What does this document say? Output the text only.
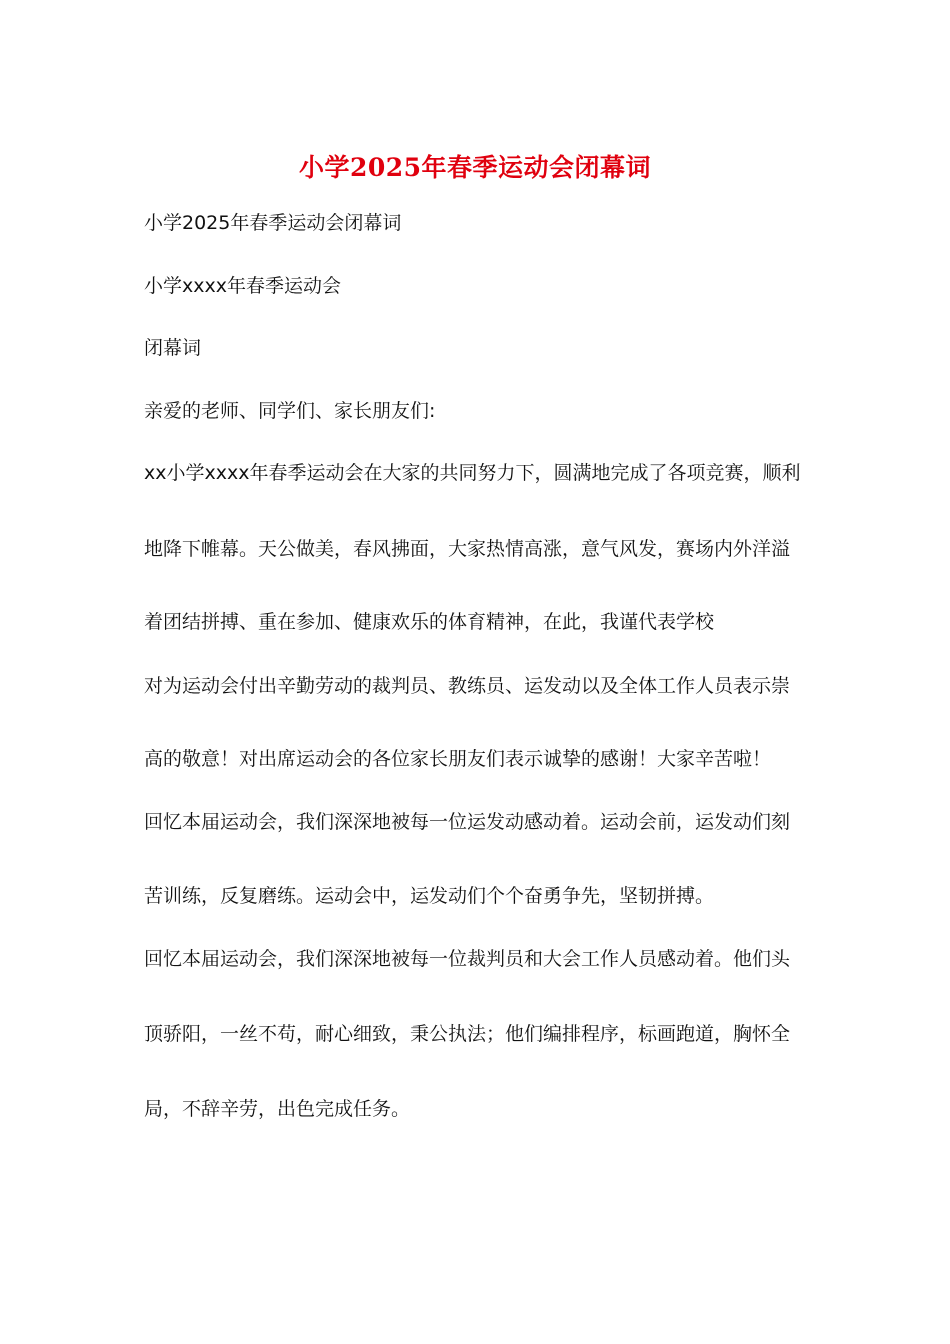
小学2025年春季运动会闭幕词
小学2025年春季运动会闭幕词
小学xxxx年春季运动会
闭幕词
亲爱的老师、同学们、家长朋友们:
xx小学xxxx年春季运动会在大家的共同努力下，圆满地完成了各项竞赛，顺利
地降下帷幕。天公做美，春风拂面，大家热情高涨，意气风发，赛场内外洋溢
着团结拼搏、重在参加、健康欢乐的体育精神，在此，我谨代表学校
对为运动会付出辛勤劳动的裁判员、教练员、运发动以及全体工作人员表示崇
高的敬意！对出席运动会的各位家长朋友们表示诚挚的感谢！大家辛苦啦！
回忆本届运动会，我们深深地被每一位运发动感动着。运动会前，运发动们刻
苦训练，反复磨练。运动会中，运发动们个个奋勇争先，坚韧拼搏。
回忆本届运动会，我们深深地被每一位裁判员和大会工作人员感动着。他们头
顶骄阳，一丝不苟，耐心细致，秉公执法；他们编排程序，标画跑道，胸怀全
局，不辞辛劳，出色完成任务。
